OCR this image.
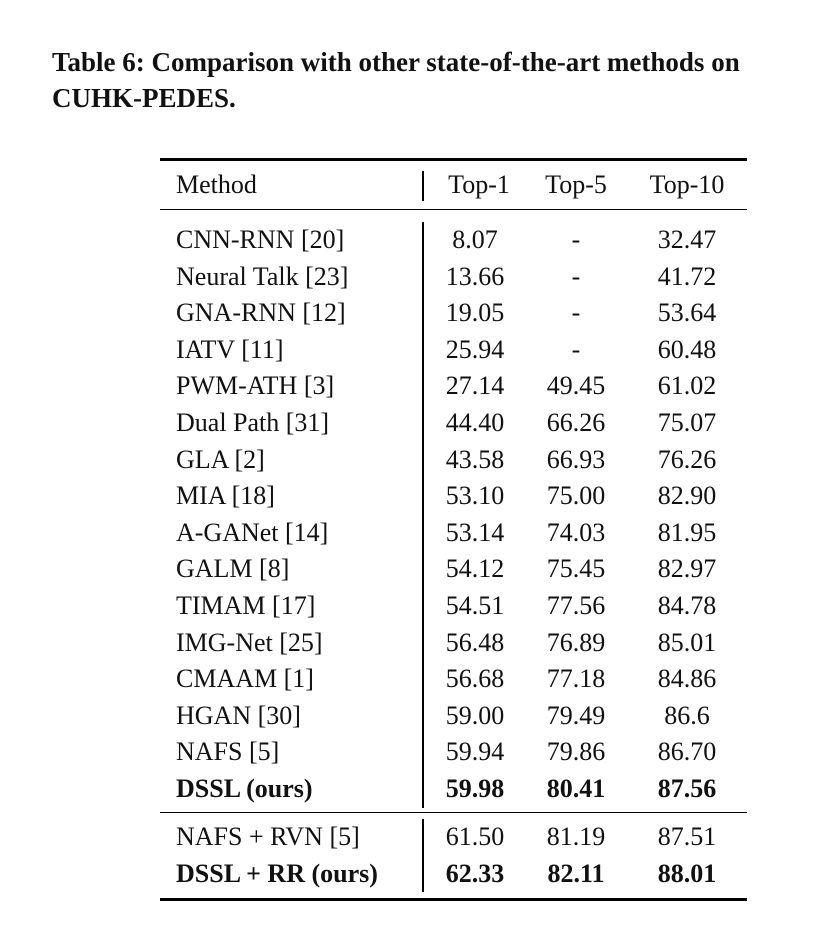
Table 6: Comparison with other state-of-the-art methods on
CUHK-PEDES.
Method	Top-1	Top-5	Top-10
CNN-RNN [20]	8.07	-	32.47
Neural Talk [23]	13.66	-	41.72
GNA-RNN [12]	19.05	-	53.64
IATV [11]	25.94	-	60.48
PWM-ATH [3]	27.14	49.45	61.02
Dual Path [31]	44.40	66.26	75.07
GLA [2]	43.58	66.93	76.26
MIA [18]	53.10	75.00	82.90
A-GANet [14]	53.14	74.03	81.95
GALM [8]	54.12	75.45	82.97
TIMAM [17]	54.51	77.56	84.78
IMG-Net [25]	56.48	76.89	85.01
CMAAM [1]	56.68	77.18	84.86
HGAN [30]	59.00	79.49	86.6
NAFS [5]	59.94	79.86	86.70
DSSL (ours)	59.98	80.41	87.56
NAFS + RVN [5]	61.50	81.19	87.51
DSSL + RR (ours)	62.33	82.11	88.01
